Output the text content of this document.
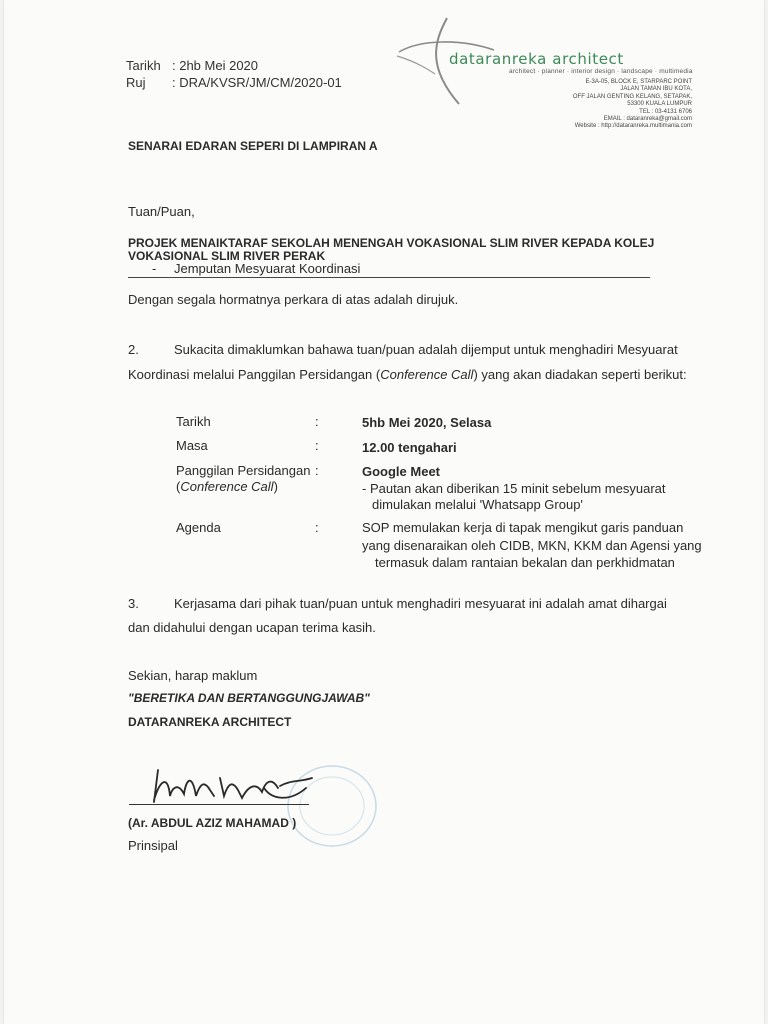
Tarikh : 2hb Mei 2020
Ruj : DRA/KVSR/JM/CM/2020-01
dataranreka architect
architect · planner · interior design · landscape · multimedia
E-3A-05, BLOCK E, STARPARC POINT
JALAN TAMAN IBU KOTA,
OFF JALAN GENTING KELANG, SETAPAK,
53300 KUALA LUMPUR
TEL : 03-4131 6706
EMAIL : dataranreka@gmail.com
Website : http://dataranreka.multimania.com
SENARAI EDARAN SEPERI DI LAMPIRAN A
Tuan/Puan,
PROJEK MENAIKTARAF SEKOLAH MENENGAH VOKASIONAL SLIM RIVER KEPADA KOLEJ
VOKASIONAL SLIM RIVER PERAK
- Jemputan Mesyuarat Koordinasi
Dengan segala hormatnya perkara di atas adalah dirujuk.
2.	Sukacita dimaklumkan bahawa tuan/puan adalah dijemput untuk menghadiri Mesyuarat
Koordinasi melalui Panggilan Persidangan (Conference Call) yang akan diadakan seperti berikut:
Tarikh	:	5hb Mei 2020, Selasa
Masa	:	12.00 tengahari
Panggilan Persidangan :
(Conference Call)
Google Meet
- Pautan akan diberikan 15 minit sebelum mesyuarat
dimulakan melalui 'Whatsapp Group'
Agenda	:	SOP memulakan kerja di tapak mengikut garis panduan
yang disenaraikan oleh CIDB, MKN, KKM dan Agensi yang
termasuk dalam rantaian bekalan dan perkhidmatan
3.	Kerjasama dari pihak tuan/puan untuk menghadiri mesyuarat ini adalah amat dihargai
dan didahului dengan ucapan terima kasih.
Sekian, harap maklum
"BERETIKA DAN BERTANGGUNGJAWAB"
DATARANREKA ARCHITECT
(Ar. ABDUL AZIZ MAHAMAD )
Prinsipal
